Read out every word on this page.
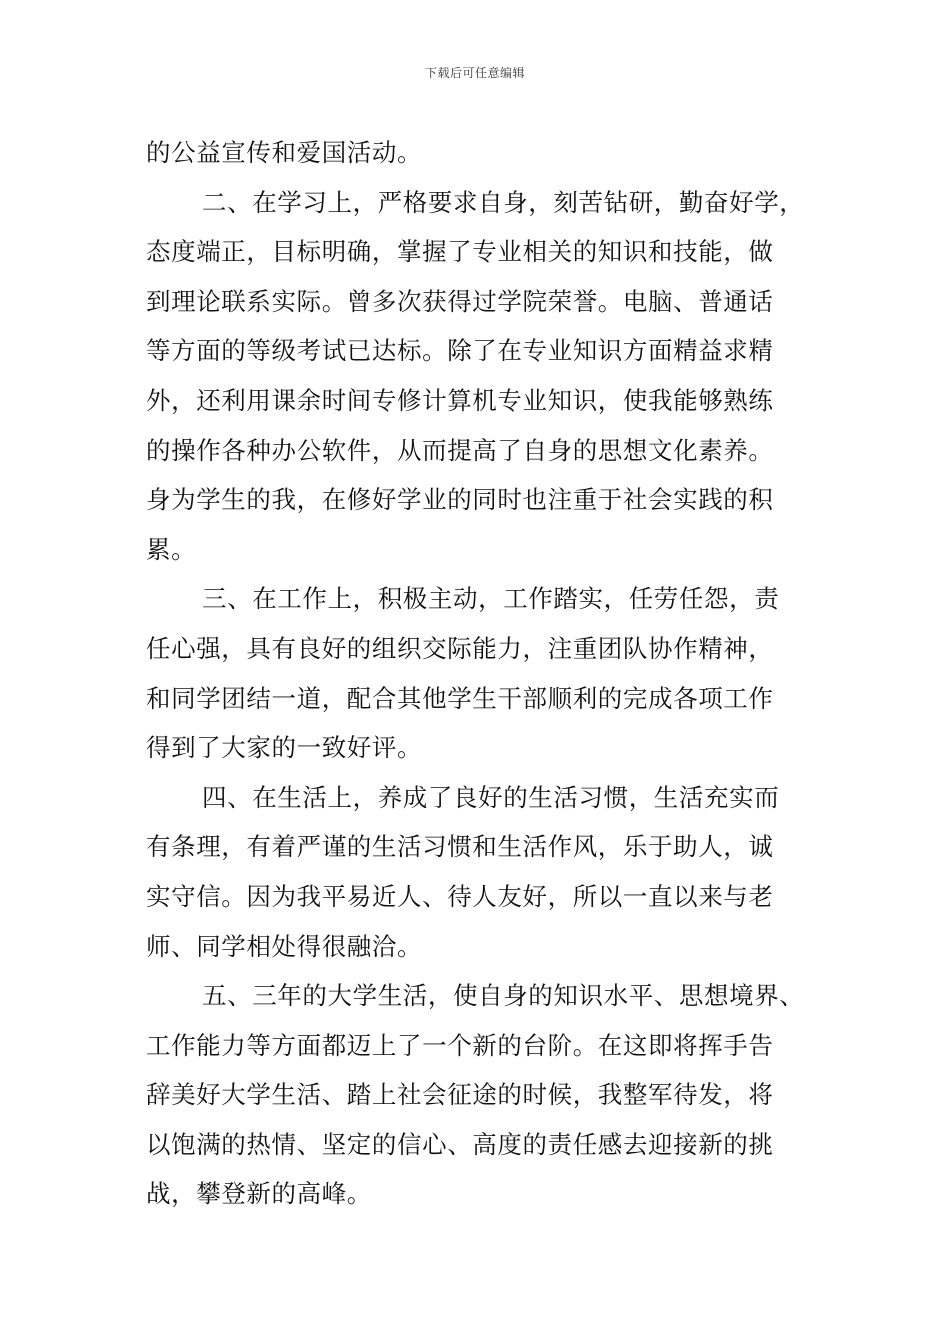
下载后可任意编辑
的公益宣传和爱国活动。
二、在学习上，严格要求自身，刻苦钻研，勤奋好学，
态度端正，目标明确，掌握了专业相关的知识和技能，做
到理论联系实际。曾多次获得过学院荣誉。电脑、普通话
等方面的等级考试已达标。除了在专业知识方面精益求精
外，还利用课余时间专修计算机专业知识，使我能够熟练
的操作各种办公软件，从而提高了自身的思想文化素养。
身为学生的我，在修好学业的同时也注重于社会实践的积
累。
三、在工作上，积极主动，工作踏实，任劳任怨，责
任心强，具有良好的组织交际能力，注重团队协作精神，
和同学团结一道，配合其他学生干部顺利的完成各项工作
得到了大家的一致好评。
四、在生活上，养成了良好的生活习惯，生活充实而
有条理，有着严谨的生活习惯和生活作风，乐于助人，诚
实守信。因为我平易近人、待人友好，所以一直以来与老
师、同学相处得很融洽。
五、三年的大学生活，使自身的知识水平、思想境界、
工作能力等方面都迈上了一个新的台阶。在这即将挥手告
辞美好大学生活、踏上社会征途的时候，我整军待发，将
以饱满的热情、坚定的信心、高度的责任感去迎接新的挑
战，攀登新的高峰。
